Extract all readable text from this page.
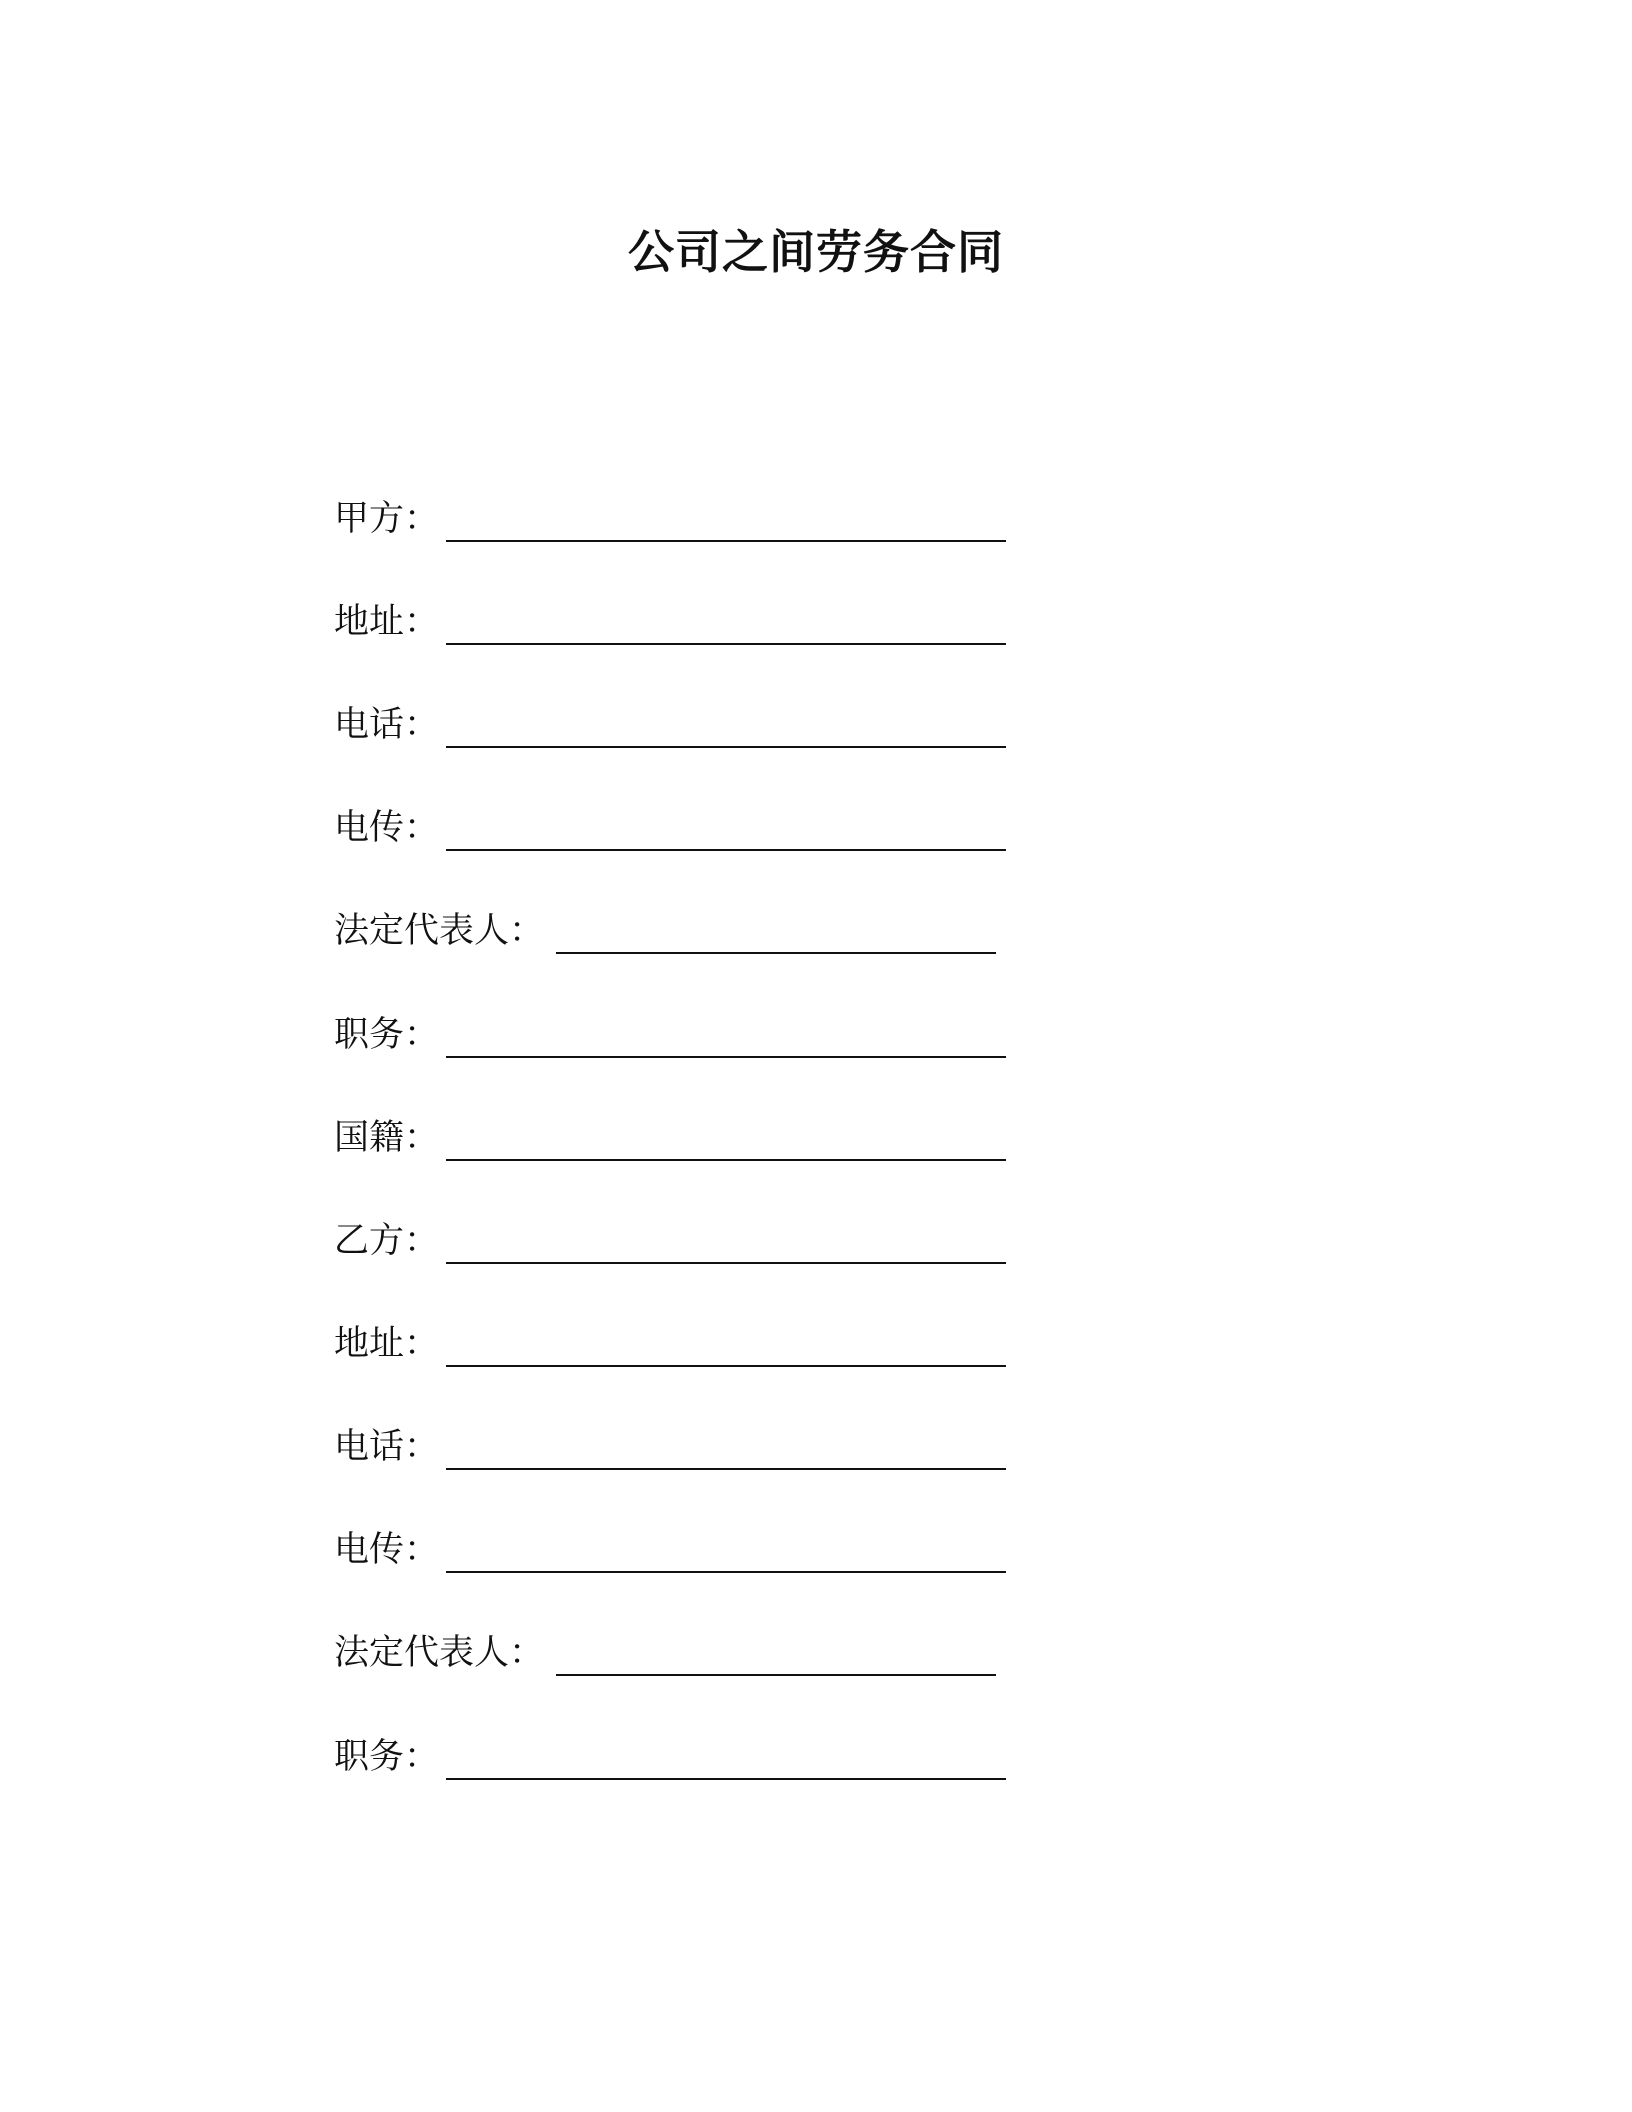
公司之间劳务合同
甲方：
地址：
电话：
电传：
法定代表人：
职务：
国籍：
乙方：
地址：
电话：
电传：
法定代表人：
职务：
